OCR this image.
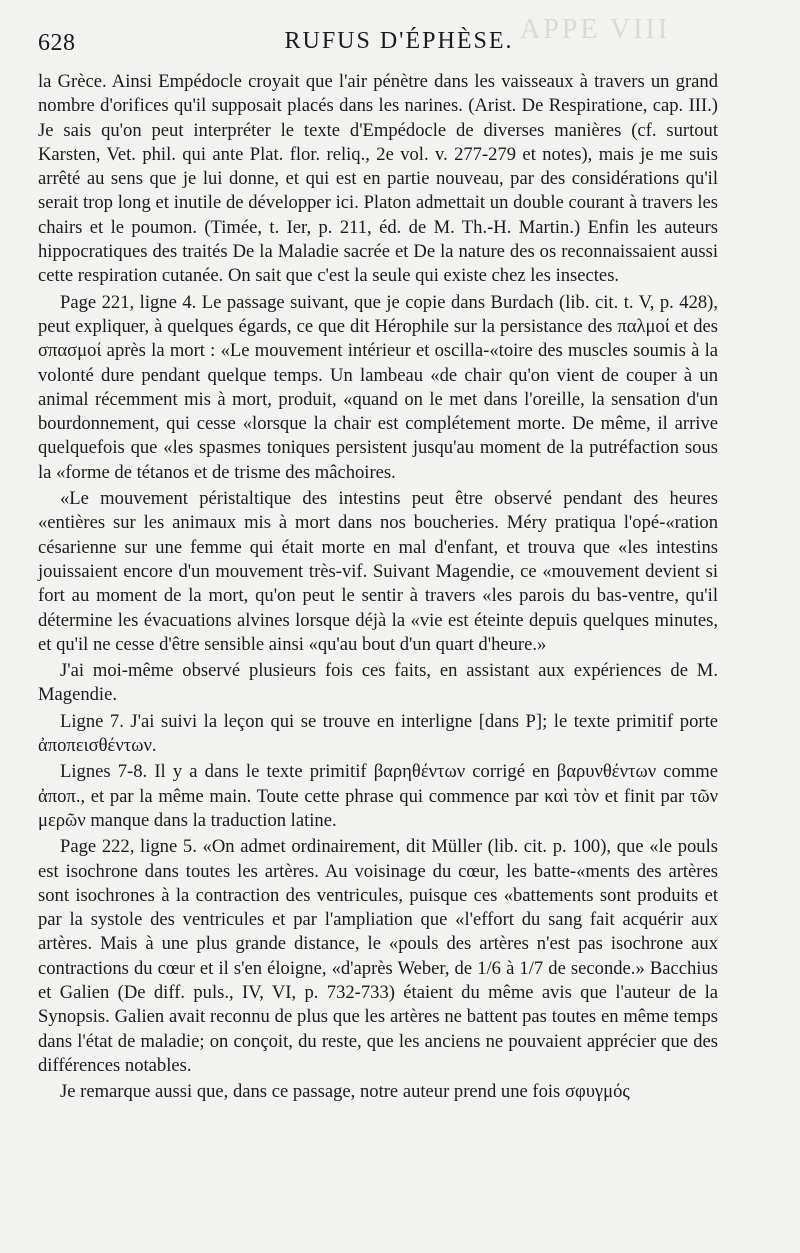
APPE VIII
628	RUFUS D'ÉPHÈSE.

la Grèce. Ainsi Empédocle croyait que l'air pénètre dans les vaisseaux à travers un grand nombre d'orifices qu'il supposait placés dans les narines. (Arist. De Respiratione, cap. III.) Je sais qu'on peut interpréter le texte d'Empédocle de diverses manières (cf. surtout Karsten, Vet. phil. qui ante Plat. flor. reliq., 2e vol. v. 277-279 et notes), mais je me suis arrêté au sens que je lui donne, et qui est en partie nouveau, par des considérations qu'il serait trop long et inutile de développer ici. Platon admettait un double courant à travers les chairs et le poumon. (Timée, t. Ier, p. 211, éd. de M. Th.-H. Martin.) Enfin les auteurs hippocratiques des traités De la Maladie sacrée et De la nature des os reconnaissaient aussi cette respiration cutanée. On sait que c'est la seule qui existe chez les insectes.

Page 221, ligne 4. Le passage suivant, que je copie dans Burdach (lib. cit. t. V, p. 428), peut expliquer, à quelques égards, ce que dit Hérophile sur la persistance des παλμοί et des σπασμοί après la mort : «Le mouvement intérieur et oscilla-«toire des muscles soumis à la volonté dure pendant quelque temps. Un lambeau «de chair qu'on vient de couper à un animal récemment mis à mort, produit, «quand on le met dans l'oreille, la sensation d'un bourdonnement, qui cesse «lorsque la chair est complétement morte. De même, il arrive quelquefois que «les spasmes toniques persistent jusqu'au moment de la putréfaction sous la «forme de tétanos et de trisme des mâchoires.

«Le mouvement péristaltique des intestins peut être observé pendant des heures «entières sur les animaux mis à mort dans nos boucheries. Méry pratiqua l'opé-«ration césarienne sur une femme qui était morte en mal d'enfant, et trouva que «les intestins jouissaient encore d'un mouvement très-vif. Suivant Magendie, ce «mouvement devient si fort au moment de la mort, qu'on peut le sentir à travers «les parois du bas-ventre, qu'il détermine les évacuations alvines lorsque déjà la «vie est éteinte depuis quelques minutes, et qu'il ne cesse d'être sensible ainsi «qu'au bout d'un quart d'heure.»

J'ai moi-même observé plusieurs fois ces faits, en assistant aux expériences de M. Magendie.

Ligne 7. J'ai suivi la leçon qui se trouve en interligne [dans P]; le texte primitif porte ἀποπεισθέντων.

Lignes 7-8. Il y a dans le texte primitif βαρηθέντων corrigé en βαρυνθέντων comme ἀποπ., et par la même main. Toute cette phrase qui commence par καὶ τὸν et finit par τῶν μερῶν manque dans la traduction latine.

Page 222, ligne 5. «On admet ordinairement, dit Müller (lib. cit. p. 100), que «le pouls est isochrone dans toutes les artères. Au voisinage du cœur, les batte-«ments des artères sont isochrones à la contraction des ventricules, puisque ces «battements sont produits et par la systole des ventricules et par l'ampliation que «l'effort du sang fait acquérir aux artères. Mais à une plus grande distance, le «pouls des artères n'est pas isochrone aux contractions du cœur et il s'en éloigne, «d'après Weber, de 1/6 à 1/7 de seconde.» Bacchius et Galien (De diff. puls., IV, VI, p. 732-733) étaient du même avis que l'auteur de la Synopsis. Galien avait reconnu de plus que les artères ne battent pas toutes en même temps dans l'état de maladie; on conçoit, du reste, que les anciens ne pouvaient apprécier que des différences notables.

Je remarque aussi que, dans ce passage, notre auteur prend une fois σφυγμός
